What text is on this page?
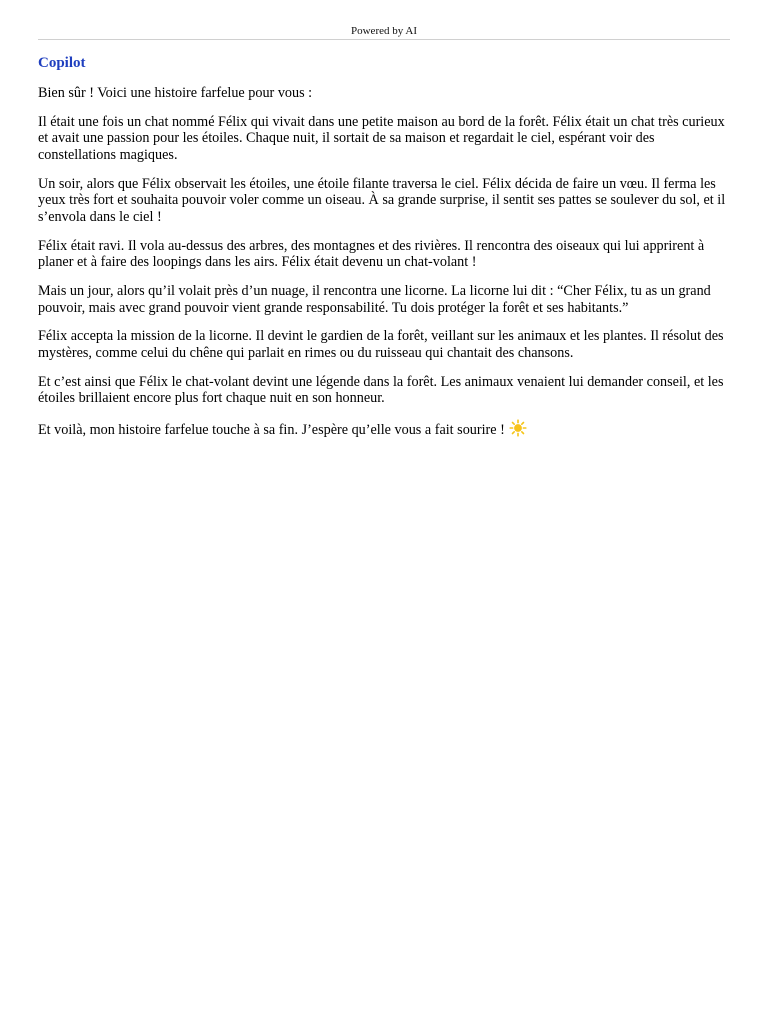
Powered by AI
Copilot

Bien sûr ! Voici une histoire farfelue pour vous :

Il était une fois un chat nommé Félix qui vivait dans une petite maison au bord de la forêt. Félix était un chat très curieux et avait une passion pour les étoiles. Chaque nuit, il sortait de sa maison et regardait le ciel, espérant voir des constellations magiques.

Un soir, alors que Félix observait les étoiles, une étoile filante traversa le ciel. Félix décida de faire un vœu. Il ferma les yeux très fort et souhaita pouvoir voler comme un oiseau. À sa grande surprise, il sentit ses pattes se soulever du sol, et il s’envola dans le ciel !

Félix était ravi. Il vola au-dessus des arbres, des montagnes et des rivières. Il rencontra des oiseaux qui lui apprirent à planer et à faire des loopings dans les airs. Félix était devenu un chat-volant !

Mais un jour, alors qu’il volait près d’un nuage, il rencontra une licorne. La licorne lui dit : “Cher Félix, tu as un grand pouvoir, mais avec grand pouvoir vient grande responsabilité. Tu dois protéger la forêt et ses habitants.”

Félix accepta la mission de la licorne. Il devint le gardien de la forêt, veillant sur les animaux et les plantes. Il résolut des mystères, comme celui du chêne qui parlait en rimes ou du ruisseau qui chantait des chansons.

Et c’est ainsi que Félix le chat-volant devint une légende dans la forêt. Les animaux venaient lui demander conseil, et les étoiles brillaient encore plus fort chaque nuit en son honneur.

Et voilà, mon histoire farfelue touche à sa fin. J’espère qu’elle vous a fait sourire !
